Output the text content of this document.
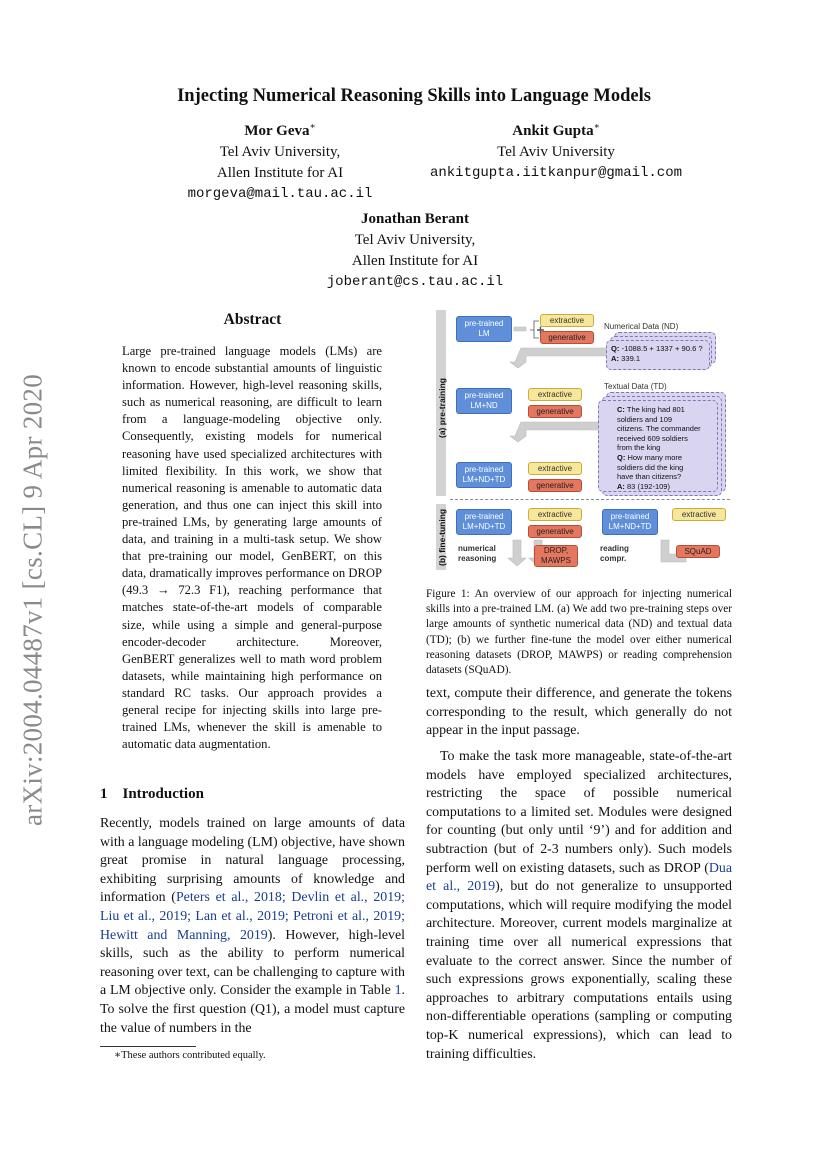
Injecting Numerical Reasoning Skills into Language Models
Mor Geva∗
Tel Aviv University,
Allen Institute for AI
morgeva@mail.tau.ac.il
Ankit Gupta∗
Tel Aviv University
ankitgupta.iitkanpur@gmail.com
Jonathan Berant
Tel Aviv University,
Allen Institute for AI
joberant@cs.tau.ac.il
arXiv:2004.04487v1 [cs.CL] 9 Apr 2020
Abstract
Large pre-trained language models (LMs) are known to encode substantial amounts of linguistic information. However, high-level reasoning skills, such as numerical reasoning, are difficult to learn from a language-modeling objective only. Consequently, existing models for numerical reasoning have used specialized architectures with limited flexibility. In this work, we show that numerical reasoning is amenable to automatic data generation, and thus one can inject this skill into pre-trained LMs, by generating large amounts of data, and training in a multi-task setup. We show that pre-training our model, GenBERT, on this data, dramatically improves performance on DROP (49.3 → 72.3 F1), reaching performance that matches state-of-the-art models of comparable size, while using a simple and general-purpose encoder-decoder architecture. Moreover, GenBERT generalizes well to math word problem datasets, while maintaining high performance on standard RC tasks. Our approach provides a general recipe for injecting skills into large pre-trained LMs, whenever the skill is amenable to automatic data augmentation.
1    Introduction
Recently, models trained on large amounts of data with a language modeling (LM) objective, have shown great promise in natural language processing, exhibiting surprising amounts of knowledge and information (Peters et al., 2018; Devlin et al., 2019; Liu et al., 2019; Lan et al., 2019; Petroni et al., 2019; Hewitt and Manning, 2019). However, high-level skills, such as the ability to perform numerical reasoning over text, can be challenging to capture with a LM objective only. Consider the example in Table 1. To solve the first question (Q1), a model must capture the value of numbers in the
∗These authors contributed equally.
(a) pre-training
(b) fine-tuning
pre-trained LM
extractive
generative
Numerical Data (ND)
Q: -1088.5 + 1337 + 90.6 ?
A: 339.1
pre-trained LM+ND
extractive
generative
Textual Data (TD)
C: The king had 801 soldiers and 109 citizens. The commander received 609 soldiers from the king
Q: How many more soldiers did the king have than citizens?
A: 83 (192-109)
pre-trained LM+ND+TD
extractive
generative
pre-trained LM+ND+TD
extractive
generative
pre-trained LM+ND+TD
extractive
numerical reasoning
DROP, MAWPS
reading compr.
SQuAD
Figure 1: An overview of our approach for injecting numerical skills into a pre-trained LM. (a) We add two pre-training steps over large amounts of synthetic numerical data (ND) and textual data (TD); (b) we further fine-tune the model over either numerical reasoning datasets (DROP, MAWPS) or reading comprehension datasets (SQuAD).
text, compute their difference, and generate the tokens corresponding to the result, which generally do not appear in the input passage.
To make the task more manageable, state-of-the-art models have employed specialized architectures, restricting the space of possible numerical computations to a limited set. Modules were designed for counting (but only until ‘9’) and for addition and subtraction (but of 2-3 numbers only). Such models perform well on existing datasets, such as DROP (Dua et al., 2019), but do not generalize to unsupported computations, which will require modifying the model architecture. Moreover, current models marginalize at training time over all numerical expressions that evaluate to the correct answer. Since the number of such expressions grows exponentially, scaling these approaches to arbitrary computations entails using non-differentiable operations (sampling or computing top-K numerical expressions), which can lead to training difficulties.
